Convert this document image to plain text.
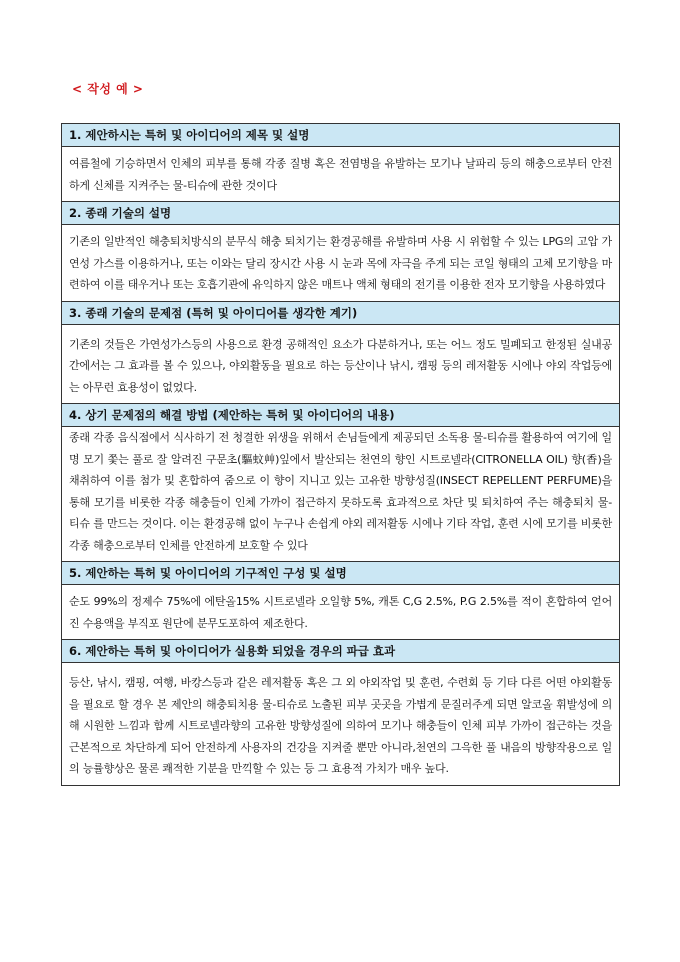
< 작성 예 >
1. 제안하시는 특허 및 아이디어의 제목 및 설명
여름철에 기승하면서 인체의 피부를 통해 각종 질병 혹은 전염병을 유발하는 모기나 날파리 등의 해충으로부터 안전하게 신체를 지켜주는 물-티슈에 관한 것이다
2. 종래 기술의 설명
기존의 일반적인 해충퇴치방식의 분무식 해충 퇴치기는 환경공해를 유발하며 사용 시 위험할 수 있는 LPG의 고압 가연성 가스를 이용하거나, 또는 이와는 달리 장시간 사용 시 눈과 목에 자극을 주게 되는 코일 형태의 고체 모기향을 마련하여 이를 태우거나 또는 호흡기관에 유익하지 않은 매트나 액체 형태의 전기를 이용한 전자 모기향을 사용하였다
3. 종래 기술의 문제점 (특허 및 아이디어를 생각한 계기)
기존의 것들은 가연성가스등의 사용으로 환경 공해적인 요소가 다분하거나, 또는 어느 정도 밀폐되고 한정된 실내공간에서는 그 효과를 볼 수 있으나, 야외활동을 필요로 하는 등산이나 낚시, 캠핑 등의 레저활동 시에나 야외 작업등에는 아무런 효용성이 없었다.
4. 상기 문제점의 해결 방법 (제안하는 특허 및 아이디어의 내용)
종래 각종 음식점에서 식사하기 전 청결한 위생을 위해서 손님들에게 제공되던 소독용 물-티슈를 활용하여 여기에 일명 모기 쫓는 풀로 잘 알려진 구문초(驅蚊艸)잎에서 발산되는 천연의 향인 시트로넬라(CITRONELLA OIL) 향(香)을 채취하여 이를 첨가 및 혼합하여 줌으로 이 향이 지니고 있는 고유한 방향성질(INSECT REPELLENT PERFUME)을 통해 모기를 비롯한 각종 해충들이 인체 가까이 접근하지 못하도록 효과적으로 차단 및 퇴치하여 주는 해충퇴치 물-티슈 를 만드는 것이다. 이는 환경공해 없이 누구나 손쉽게 야외 레저활동 시에나 기타 작업, 훈련 시에 모기를 비롯한 각종 해충으로부터 인체를 안전하게 보호할 수 있다
5. 제안하는 특허 및 아이디어의 기구적인 구성 및 설명
순도 99%의 정제수 75%에 에탄올15% 시트로넬라 오일향 5%, 캐톤 C,G 2.5%, P.G 2.5%를 적이 혼합하여 얻어진 수용액을 부직포 원단에 분무도포하여 제조한다.
6. 제안하는 특허 및 아이디어가 실용화 되었을 경우의 파급 효과
등산, 낚시, 캠핑, 여행, 바캉스등과 같은 레저활동 혹은 그 외 야외작업 및 훈련, 수련회 등 기타 다른 어떤 야외활동을 필요로 할 경우 본 제안의 해충퇴치용 물-티슈로 노출된 피부 곳곳을 가볍게 문질러주게 되면 알코올 휘발성에 의해 시원한 느낌과 함께 시트로넬라향의 고유한 방향성질에 의하여 모기나 해충들이 인체 피부 가까이 접근하는 것을 근본적으로 차단하게 되어 안전하게 사용자의 건강을 지켜줄 뿐만 아니라,천연의 그윽한 풀 내음의 방향작용으로 일의 능률향상은 물론 쾌적한 기분을 만끽할 수 있는 등 그 효용적 가치가 매우 높다.
